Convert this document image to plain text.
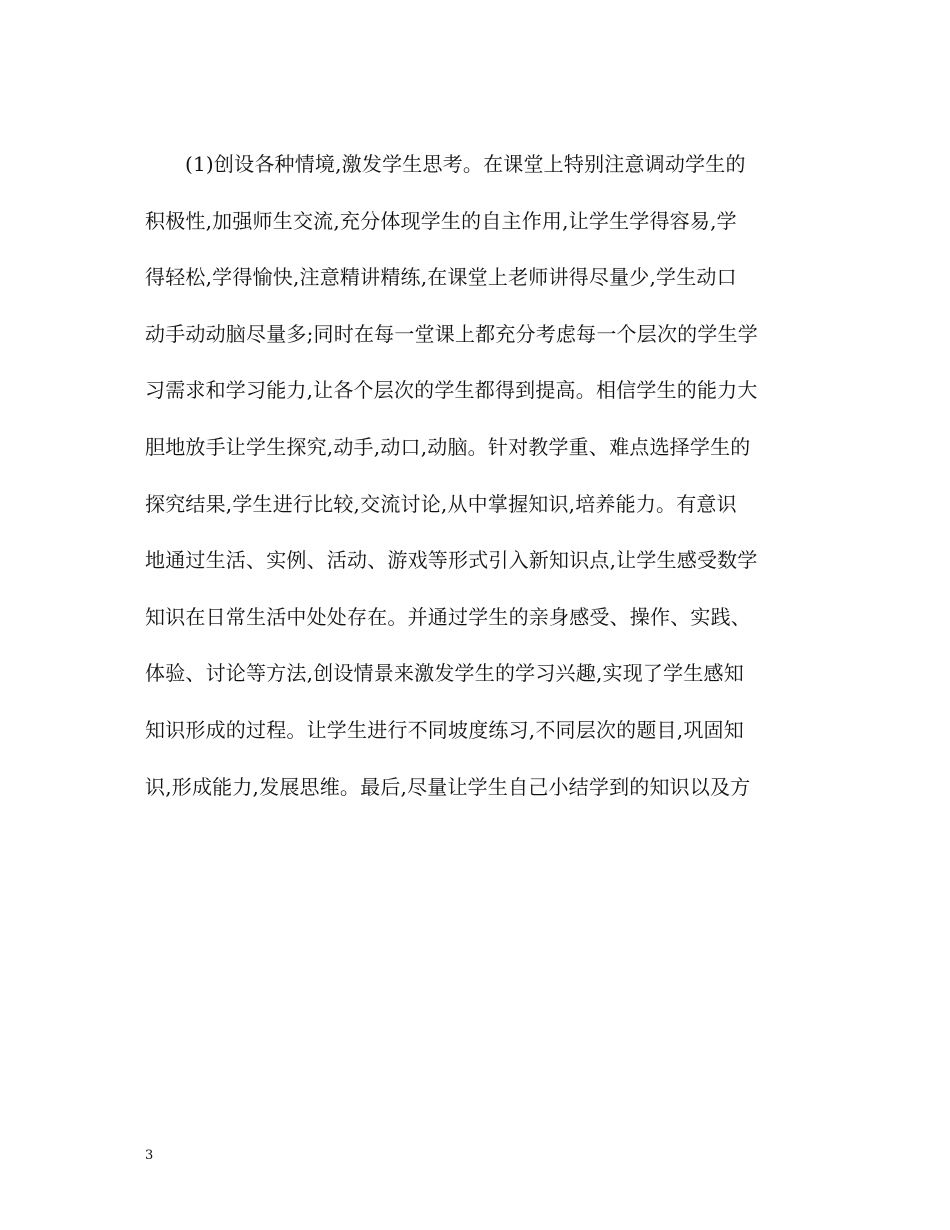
(1)创设各种情境,激发学生思考。在课堂上特别注意调动学生的
积极性,加强师生交流,充分体现学生的自主作用,让学生学得容易,学
得轻松,学得愉快,注意精讲精练,在课堂上老师讲得尽量少,学生动口
动手动动脑尽量多;同时在每一堂课上都充分考虑每一个层次的学生学
习需求和学习能力,让各个层次的学生都得到提高。相信学生的能力大
胆地放手让学生探究,动手,动口,动脑。针对教学重、难点选择学生的
探究结果,学生进行比较,交流讨论,从中掌握知识,培养能力。有意识
地通过生活、实例、活动、游戏等形式引入新知识点,让学生感受数学
知识在日常生活中处处存在。并通过学生的亲身感受、操作、实践、
体验、讨论等方法,创设情景来激发学生的学习兴趣,实现了学生感知
知识形成的过程。让学生进行不同坡度练习,不同层次的题目,巩固知
识,形成能力,发展思维。最后,尽量让学生自己小结学到的知识以及方
3
